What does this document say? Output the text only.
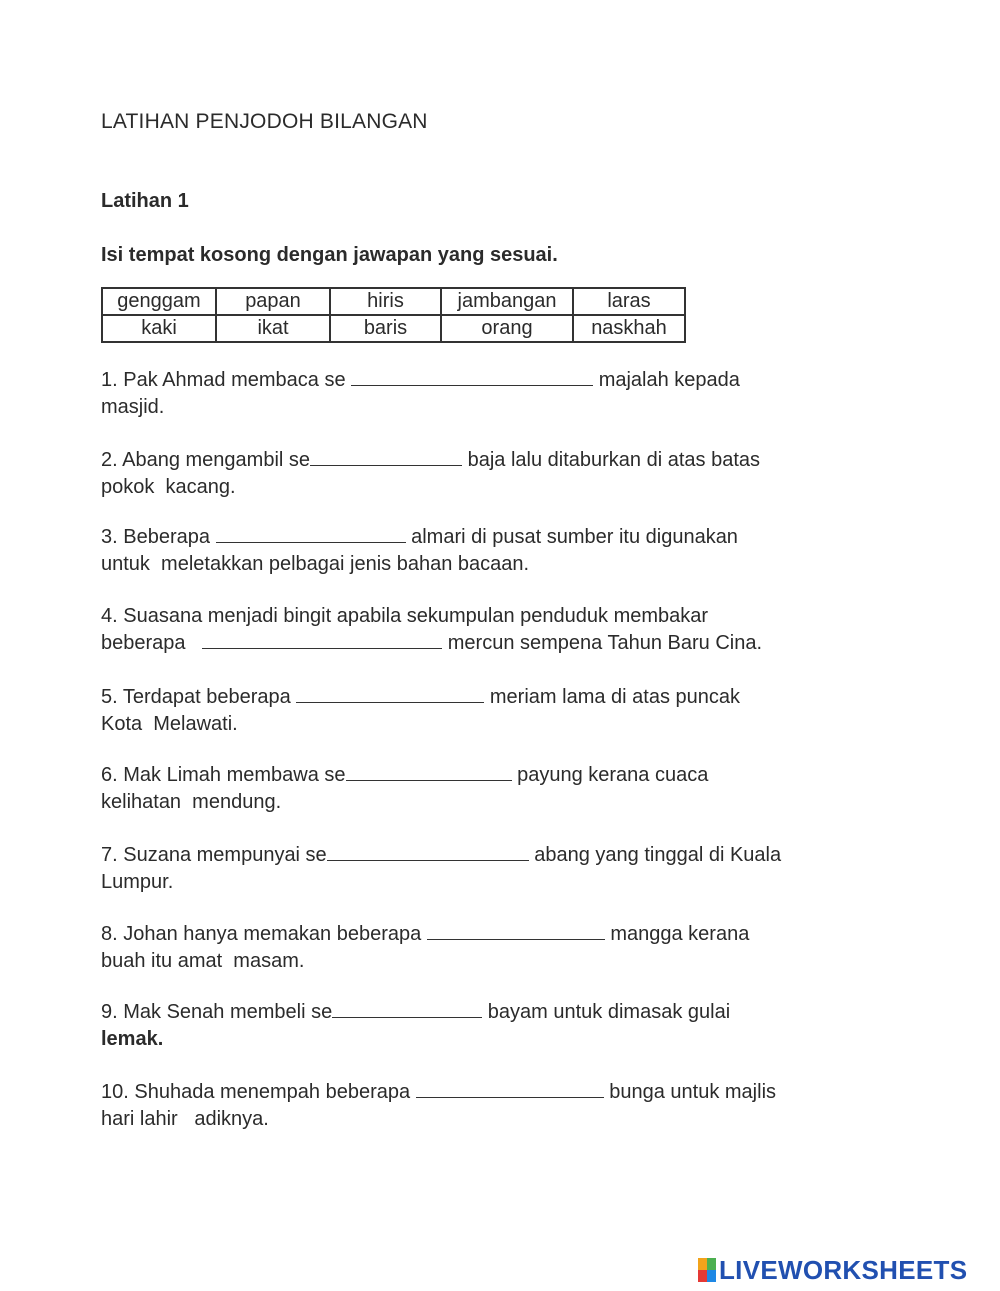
LATIHAN PENJODOH BILANGAN
Latihan 1
Isi tempat kosong dengan jawapan yang sesuai.
genggam	papan	hiris	jambangan	laras
kaki	ikat	baris	orang	naskhah

1. Pak Ahmad membaca se	majalah kepada

masjid.

2. Abang mengambil se	baja lalu ditaburkan di atas batas

pokok  kacang.

3. Beberapa	almari di pusat sumber itu digunakan

untuk  meletakkan pelbagai jenis bahan bacaan.

4. Suasana menjadi bingit apabila sekumpulan penduduk membakar

beberapa	mercun sempena Tahun Baru Cina.

5. Terdapat beberapa	meriam lama di atas puncak

Kota  Melawati.

6. Mak Limah membawa se	payung kerana cuaca

kelihatan  mendung.

7. Suzana mempunyai se	abang yang tinggal di Kuala

Lumpur.

8. Johan hanya memakan beberapa	mangga kerana

buah itu amat  masam.

9. Mak Senah membeli se	bayam untuk dimasak gulai

lemak.

10. Shuhada menempah beberapa	bunga untuk majlis

hari lahir   adiknya.

LIVEWORKSHEETS
